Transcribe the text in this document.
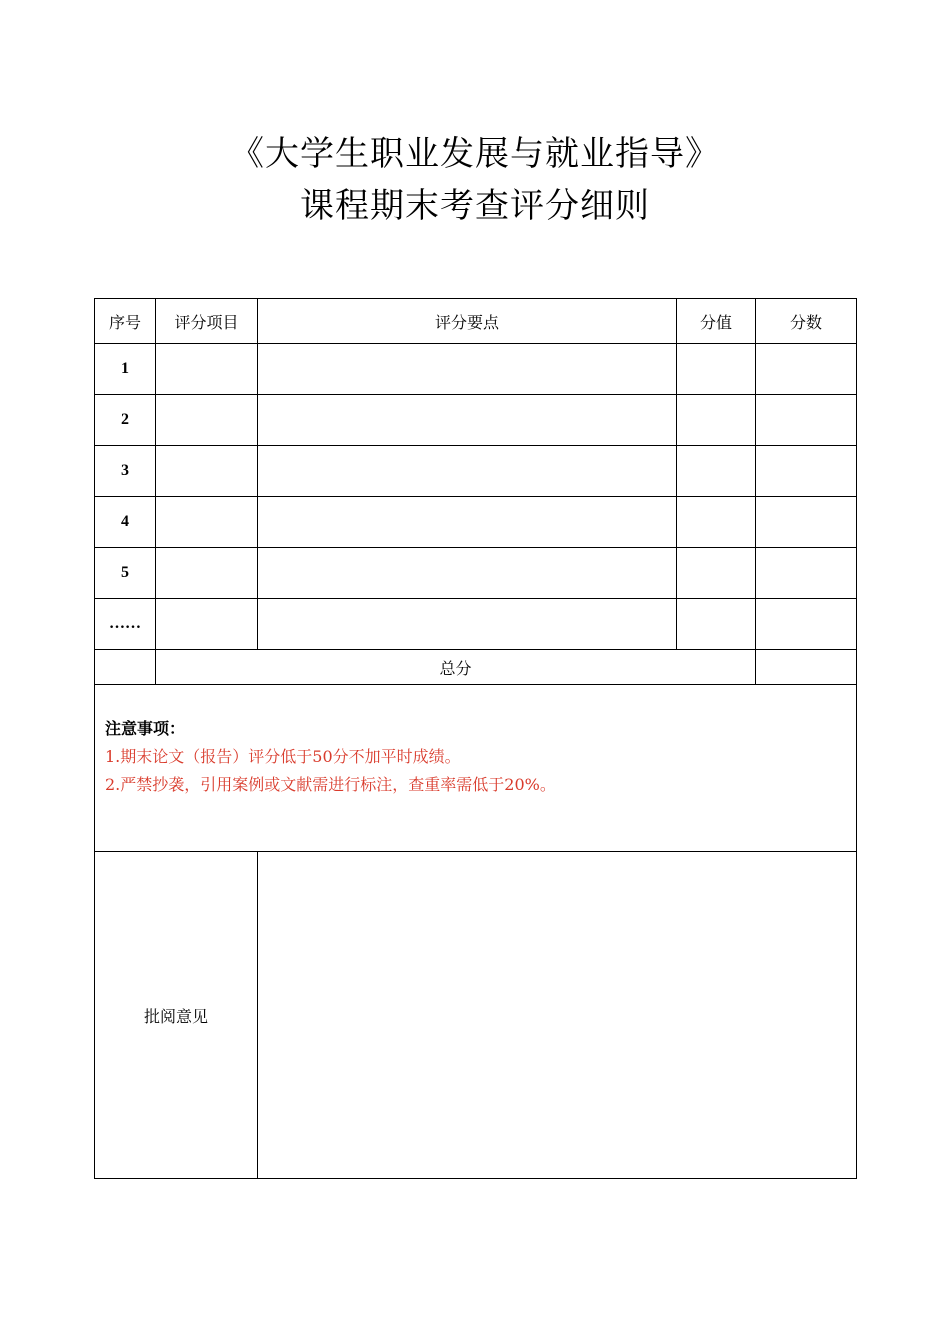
《大学生职业发展与就业指导》
课程期末考查评分细则
序号	评分项目	评分要点	分值	分数
1				
2				
3				
4				
5				
……				
	总分			

注意事项：
1.期末论文（报告）评分低于50分不加平时成绩。
2.严禁抄袭，引用案例或文献需进行标注，查重率需低于20%。				

批阅意见				
